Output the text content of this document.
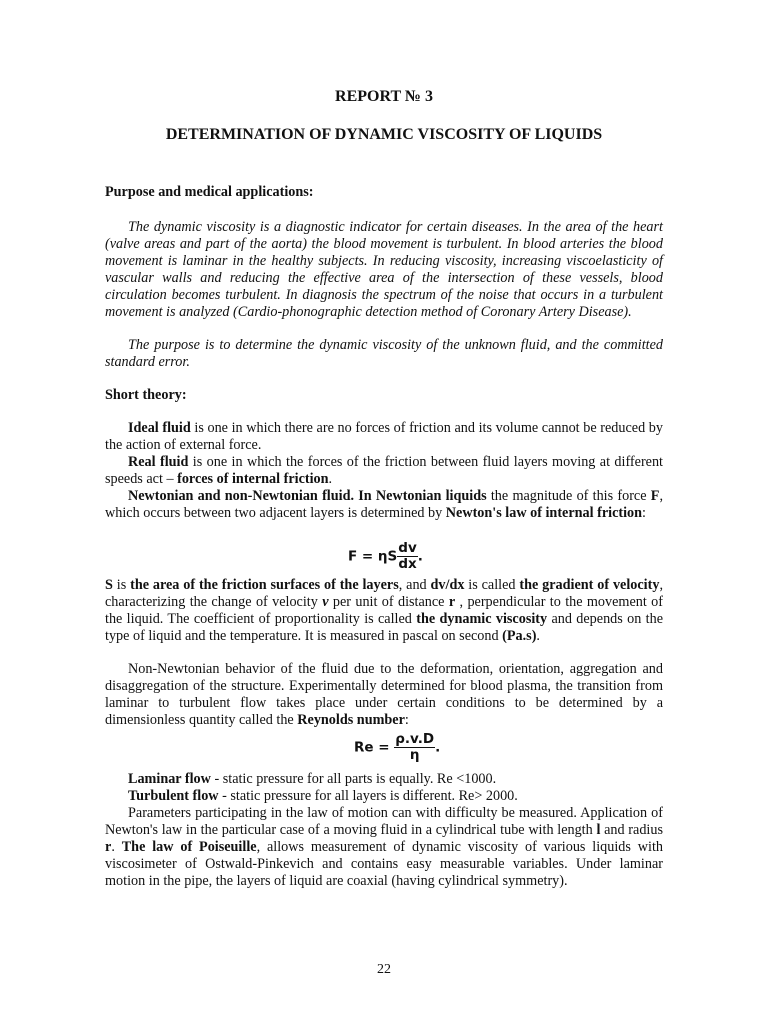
REPORT № 3
DETERMINATION OF DYNAMIC VISCOSITY OF LIQUIDS

Purpose and medical applications:

The dynamic viscosity is a diagnostic indicator for certain diseases. In the area of the heart (valve areas and part of the aorta) the blood movement is turbulent. In blood arteries the blood movement is laminar in the healthy subjects. In reducing viscosity, increasing viscoelasticity of vascular walls and reducing the effective area of the intersection of these vessels, blood circulation becomes turbulent. In diagnosis the spectrum of the noise that occurs in a turbulent movement is analyzed (Cardio-phonographic detection method of Coronary Artery Disease).

The purpose is to determine the dynamic viscosity of the unknown fluid, and the committed standard error.

Short theory:

Ideal fluid is one in which there are no forces of friction and its volume cannot be reduced by the action of external force.

Real fluid is one in which the forces of the friction between fluid layers moving at different speeds act – forces of internal friction.

Newtonian and non-Newtonian fluid. In Newtonian liquids the magnitude of this force F, which occurs between two adjacent layers is determined by Newton's law of internal friction:

F = ηS $\frac{dv}{dx}$ .

S is the area of the friction surfaces of the layers, and dv/dx is called the gradient of velocity, characterizing the change of velocity v per unit of distance r , perpendicular to the movement of the liquid. The coefficient of proportionality is called the dynamic viscosity and depends on the type of liquid and the temperature. It is measured in pascal on second (Pa.s).

Non-Newtonian behavior of the fluid due to the deformation, orientation, aggregation and disaggregation of the structure. Experimentally determined for blood plasma, the transition from laminar to turbulent flow takes place under certain conditions to be determined by a dimensionless quantity called the Reynolds number:

$Re = \frac{\rho.v.D}{\eta}$ .

Laminar flow - static pressure for all parts is equally. Re <1000.

Turbulent flow - static pressure for all layers is different. Re> 2000.

Parameters participating in the law of motion can with difficulty be measured. Application of Newton's law in the particular case of a moving fluid in a cylindrical tube with length l and radius r. The law of Poiseuille, allows measurement of dynamic viscosity of various liquids with viscosimeter of Ostwald-Pinkevich and contains easy measurable variables. Under laminar motion in the pipe, the layers of liquid are coaxial (having cylindrical symmetry).

22
